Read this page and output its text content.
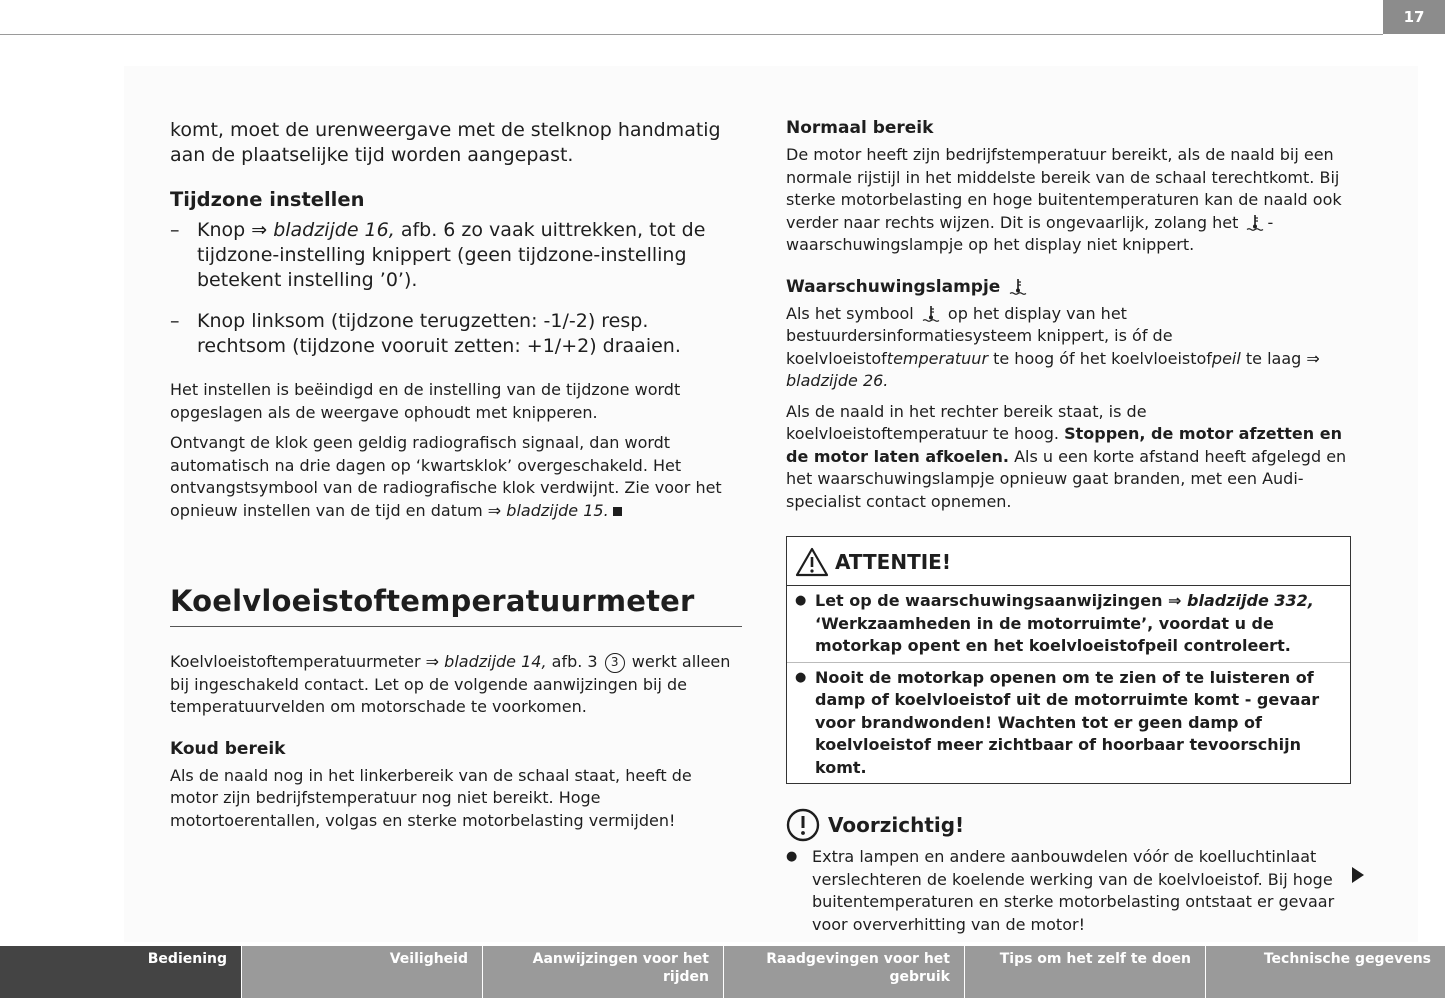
17

komt, moet de urenweergave met de stelknop handmatig aan de plaatselijke tijd worden aangepast.

Tijdzone instellen
– Knop ⇒ bladzijde 16, afb. 6 zo vaak uittrekken, tot de tijdzone-instelling knippert (geen tijdzone-instelling betekent instelling ’0’).
– Knop linksom (tijdzone terugzetten: -1/-2) resp. rechtsom (tijdzone vooruit zetten: +1/+2) draaien.

Het instellen is beëindigd en de instelling van de tijdzone wordt opgeslagen als de weergave ophoudt met knipperen.

Ontvangt de klok geen geldig radiografisch signaal, dan wordt automatisch na drie dagen op ‘kwartsklok’ overgeschakeld. Het ontvangstsymbool van de radiografische klok verdwijnt. Zie voor het opnieuw instellen van de tijd en datum ⇒ bladzijde 15.

Koelvloeistoftemperatuurmeter

Koelvloeistoftemperatuurmeter ⇒ bladzijde 14, afb. 3 3 werkt alleen bij ingeschakeld contact. Let op de volgende aanwijzingen bij de temperatuurvelden om motorschade te voorkomen.

Koud bereik

Als de naald nog in het linkerbereik van de schaal staat, heeft de motor zijn bedrijfstemperatuur nog niet bereikt. Hoge motortoerentallen, volgas en sterke motorbelasting vermijden!

Normaal bereik

De motor heeft zijn bedrijfstemperatuur bereikt, als de naald bij een normale rijstijl in het middelste bereik van de schaal terechtkomt. Bij sterke motorbelasting en hoge buitentemperaturen kan de naald ook verder naar rechts wijzen. Dit is ongevaarlijk, zolang het -waarschuwingslampje op het display niet knippert.

Waarschuwingslampje

Als het symbool  op het display van het bestuurdersinformatiesysteem knippert, is óf de koelvloeistoftemperatuur te hoog óf het koelvloeistofpeil te laag ⇒ bladzijde 26.

Als de naald in het rechter bereik staat, is de koelvloeistoftemperatuur te hoog. Stoppen, de motor afzetten en de motor laten afkoelen. Als u een korte afstand heeft afgelegd en het waarschuwingslampje opnieuw gaat branden, met een Audi-specialist contact opnemen.

ATTENTIE!
● Let op de waarschuwingsaanwijzingen ⇒ bladzijde 332, ‘Werkzaamheden in de motorruimte’, voordat u de motorkap opent en het koelvloeistofpeil controleert.
● Nooit de motorkap openen om te zien of te luisteren of damp of koelvloeistof uit de motorruimte komt - gevaar voor brandwonden! Wachten tot er geen damp of koelvloeistof meer zichtbaar of hoorbaar tevoorschijn komt.
Voorzichtig!
● Extra lampen en andere aanbouwdelen vóór de koelluchtinlaat verslechteren de koelende werking van de koelvloeistof. Bij hoge buitentemperaturen en sterke motorbelasting ontstaat er gevaar voor oververhitting van de motor!
Bediening	Veiligheid	Aanwijzingen voor het rijden
Raadgevingen voor het gebruik
Tips om het zelf te doen	Technische gegevens
